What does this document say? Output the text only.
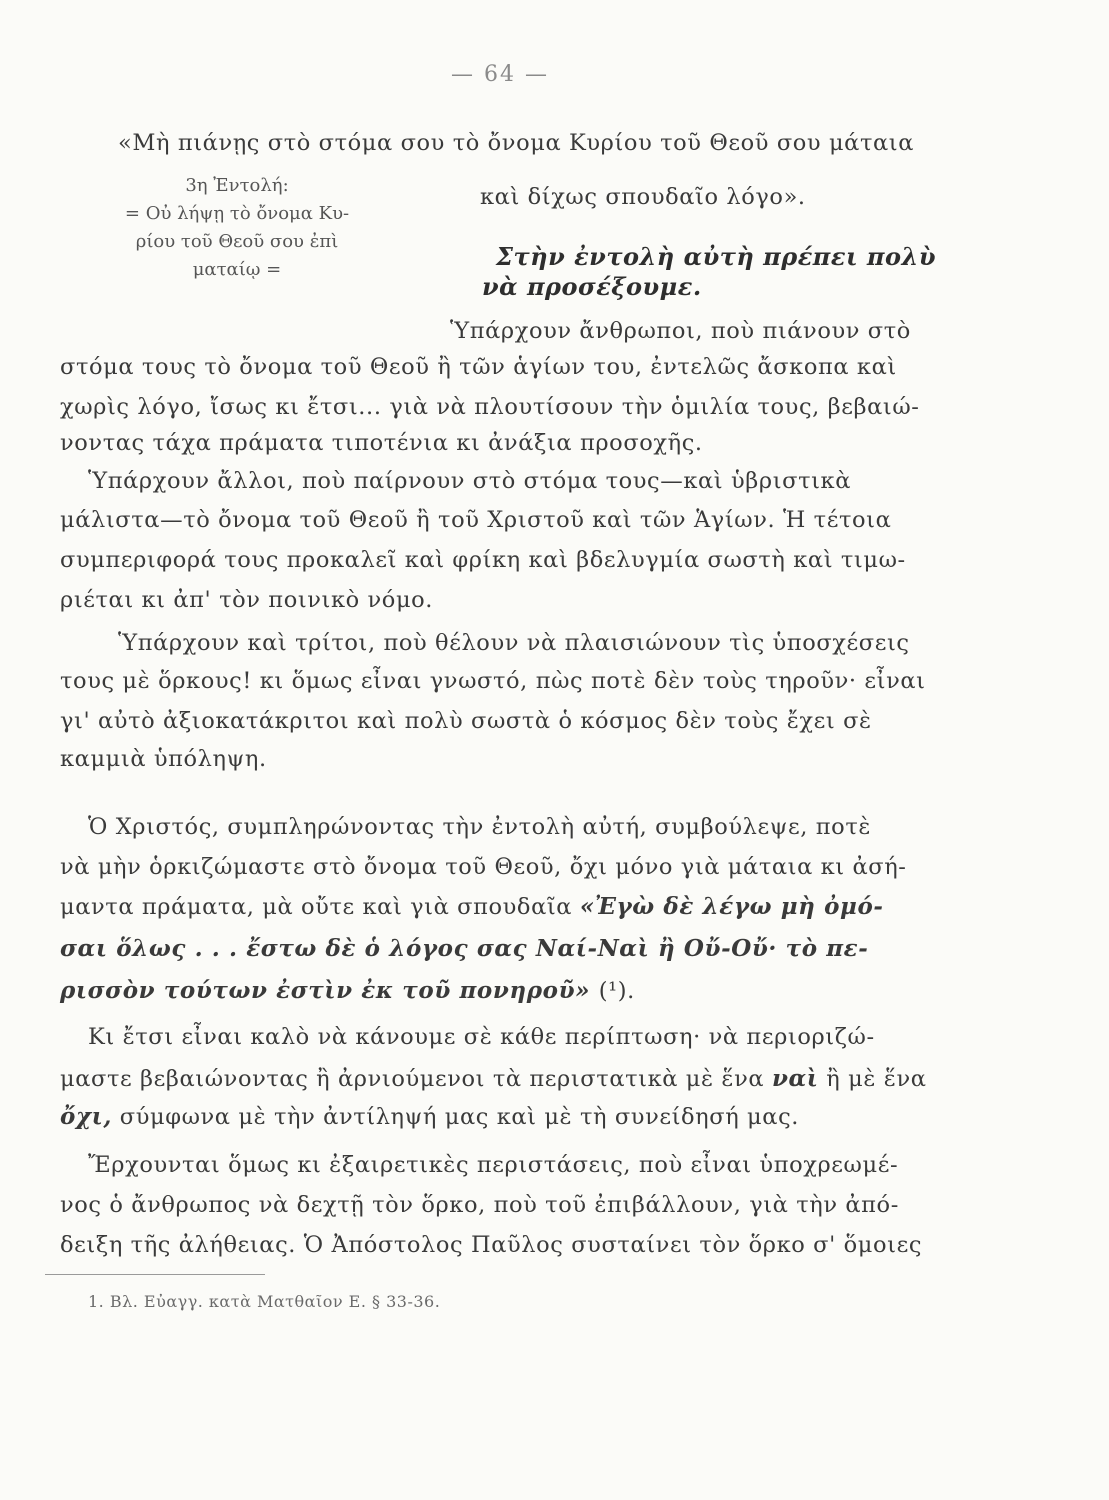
— 64 —
3η Ἐντολή:
= Οὐ λήψῃ τὸ ὄνομα Κυ-
ρίου τοῦ Θεοῦ σου ἐπὶ
ματαίῳ =
«Μὴ πιάνῃς στὸ στόμα σου τὸ ὄνομα Κυρίου τοῦ Θεοῦ σου μάταια
καὶ δίχως σπουδαῖο λόγο».
Στὴν ἐντολὴ αὐτὴ πρέπει πολὺ
νὰ προσέξουμε.
Ὑπάρχουν ἄνθρωποι, ποὺ πιάνουν στὸ
στόμα τους τὸ ὄνομα τοῦ Θεοῦ ἢ τῶν ἁγίων του, ἐντελῶς ἄσκοπα καὶ
χωρὶς λόγο, ἴσως κι ἔτσι... γιὰ νὰ πλουτίσουν τὴν ὁμιλία τους, βεβαιώ-
νοντας τάχα πράματα τιποτένια κι ἀνάξια προσοχῆς.
Ὑπάρχουν ἄλλοι, ποὺ παίρνουν στὸ στόμα τους—καὶ ὑβριστικὰ
μάλιστα—τὸ ὄνομα τοῦ Θεοῦ ἢ τοῦ Χριστοῦ καὶ τῶν Ἁγίων. Ἡ τέτοια
συμπεριφορά τους προκαλεῖ καὶ φρίκη καὶ βδελυγμία σωστὴ καὶ τιμω-
ριέται κι ἀπ' τὸν ποινικὸ νόμο.
Ὑπάρχουν καὶ τρίτοι, ποὺ θέλουν νὰ πλαισιώνουν τὶς ὑποσχέσεις
τους μὲ ὅρκους! κι ὅμως εἶναι γνωστό, πὼς ποτὲ δὲν τοὺς τηροῦν· εἶναι
γι' αὐτὸ ἀξιοκατάκριτοι καὶ πολὺ σωστὰ ὁ κόσμος δὲν τοὺς ἔχει σὲ
καμμιὰ ὑπόληψη.
Ὁ Χριστός, συμπληρώνοντας τὴν ἐντολὴ αὐτή, συμβούλεψε, ποτὲ
νὰ μὴν ὁρκιζώμαστε στὸ ὄνομα τοῦ Θεοῦ, ὄχι μόνο γιὰ μάταια κι ἀσή-
μαντα πράματα, μὰ οὔτε καὶ γιὰ σπουδαῖα «Ἐγὼ δὲ λέγω μὴ ὀμό-
σαι ὅλως . . . ἔστω δὲ ὁ λόγος σας Ναί-Ναὶ ἢ Οὔ-Οὔ· τὸ πε-
ρισσὸν τούτων ἐστὶν ἐκ τοῦ πονηροῦ» (¹).
Κι ἔτσι εἶναι καλὸ νὰ κάνουμε σὲ κάθε περίπτωση· νὰ περιοριζώ-
μαστε βεβαιώνοντας ἢ ἀρνιούμενοι τὰ περιστατικὰ μὲ ἕνα ναὶ ἢ μὲ ἕνα
ὄχι, σύμφωνα μὲ τὴν ἀντίληψή μας καὶ μὲ τὴ συνείδησή μας.
Ἔρχουνται ὅμως κι ἐξαιρετικὲς περιστάσεις, ποὺ εἶναι ὑποχρεωμέ-
νος ὁ ἄνθρωπος νὰ δεχτῇ τὸν ὅρκο, ποὺ τοῦ ἐπιβάλλουν, γιὰ τὴν ἀπό-
δειξη τῆς ἀλήθειας. Ὁ Ἀπόστολος Παῦλος συσταίνει τὸν ὅρκο σ' ὅμοιες
1. Βλ. Εὐαγγ. κατὰ Ματθαῖον Ε. § 33-36.
